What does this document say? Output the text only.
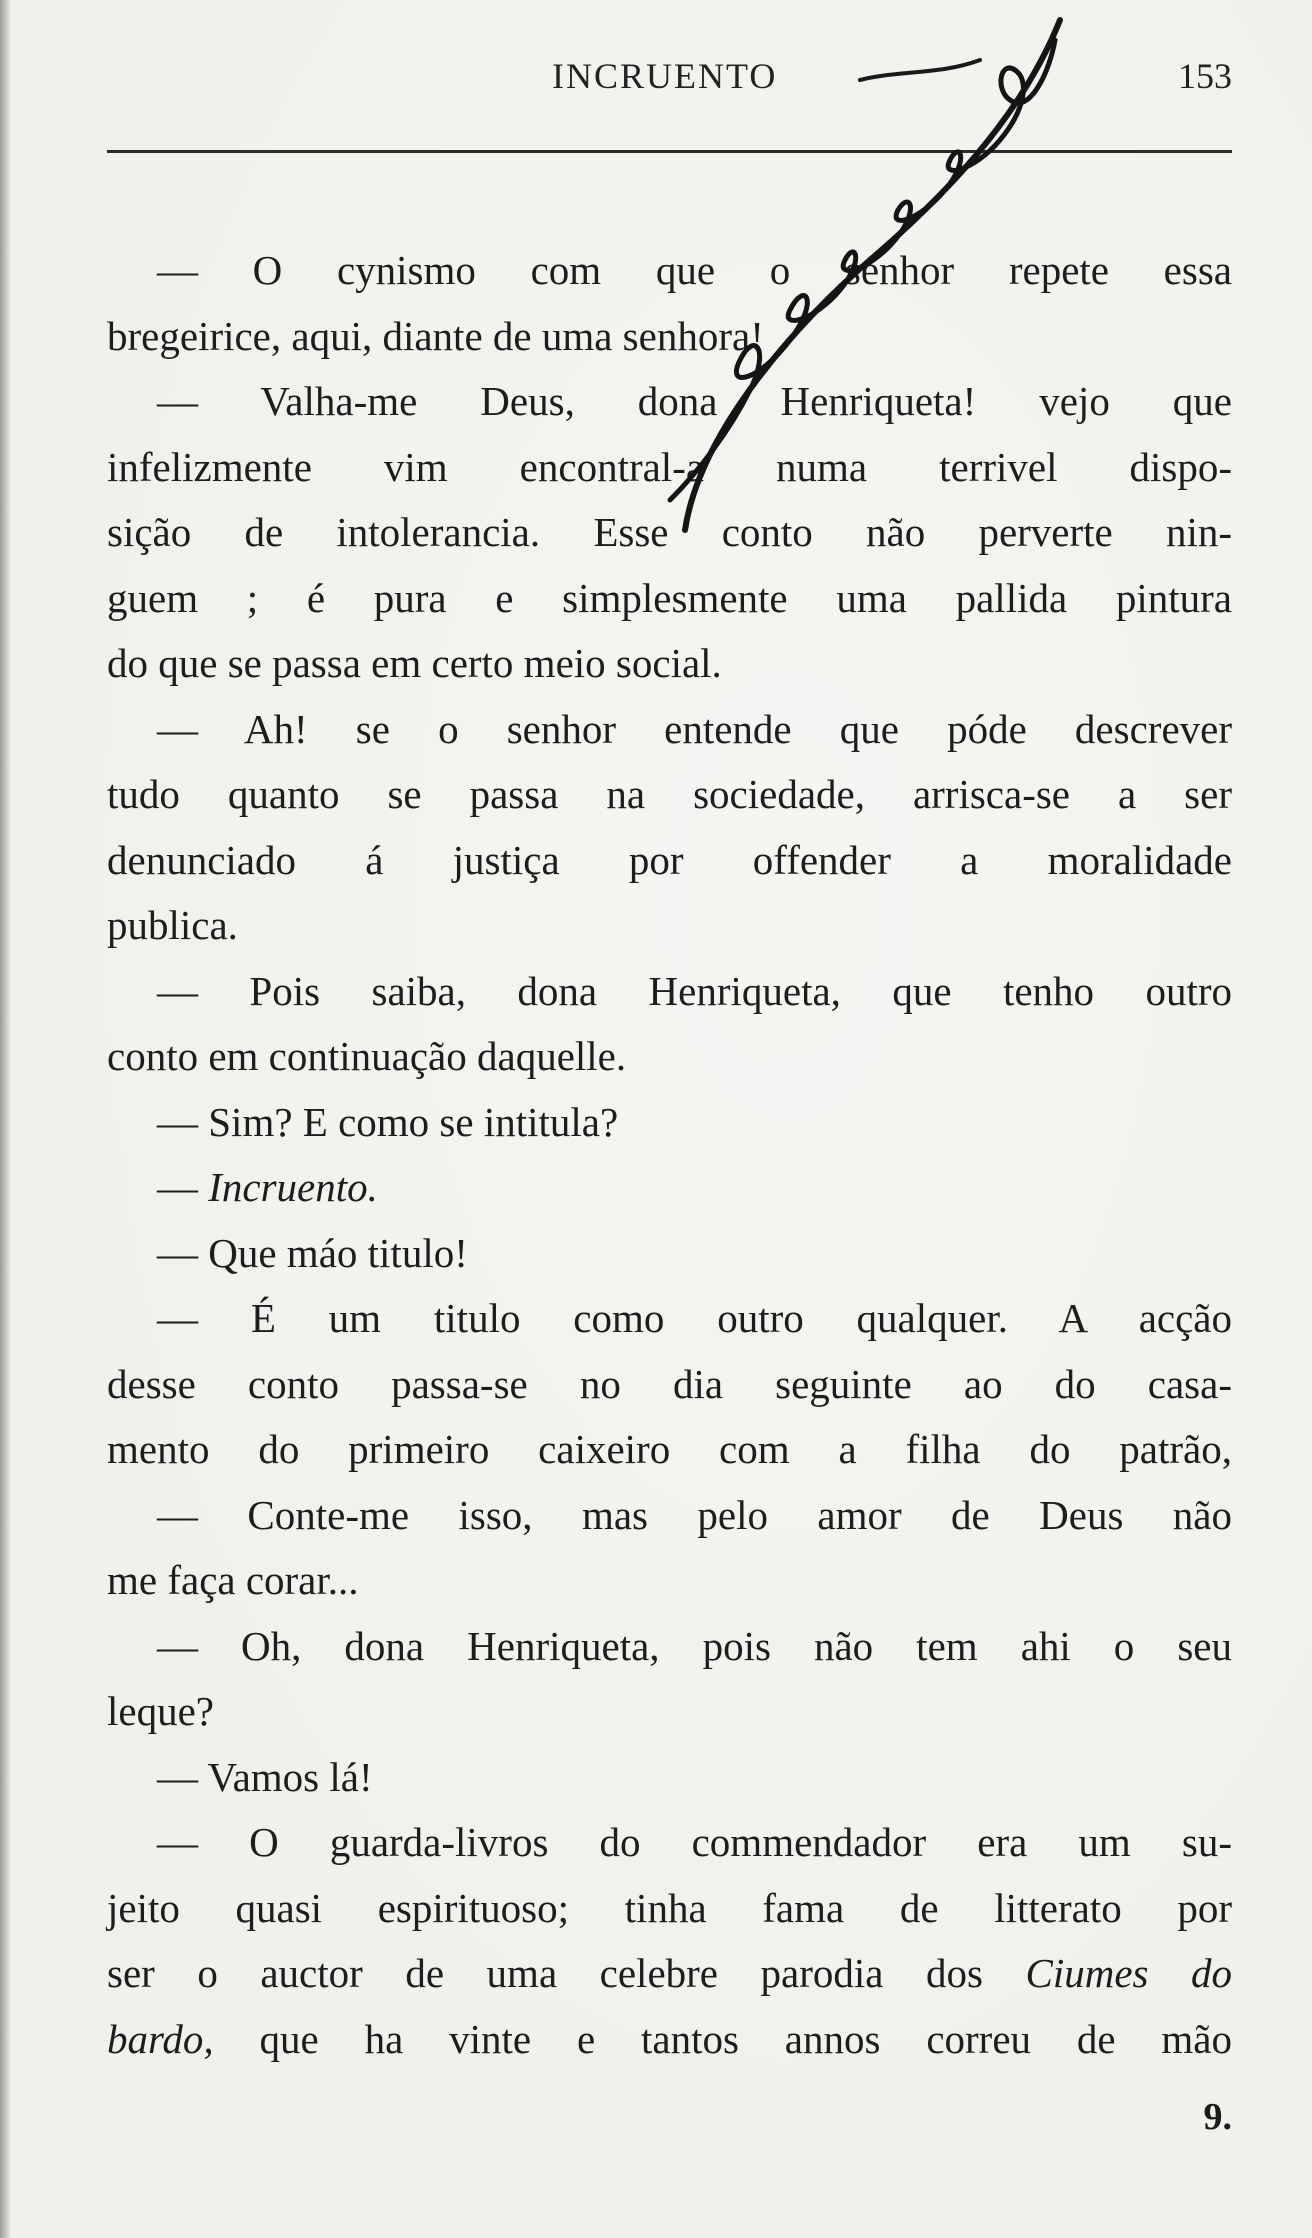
INCRUENTO	153
— O cynismo com que o senhor repete essa
bregeirice, aqui, diante de uma senhora!
— Valha-me Deus, dona Henriqueta! vejo que
infelizmente vim encontral-a numa terrivel dispo-
sição de intolerancia. Esse conto não perverte nin-
guem ; é pura e simplesmente uma pallida pintura
do que se passa em certo meio social.
— Ah! se o senhor entende que póde descrever
tudo quanto se passa na sociedade, arrisca-se a ser
denunciado á justiça por offender a moralidade
publica.
— Pois saiba, dona Henriqueta, que tenho outro
conto em continuação daquelle.
— Sim? E como se intitula?
— Incruento.
— Que máo titulo!
— É um titulo como outro qualquer. A acção
desse conto passa-se no dia seguinte ao do casa-
mento do primeiro caixeiro com a filha do patrão,
— Conte-me isso, mas pelo amor de Deus não
me faça corar...
— Oh, dona Henriqueta, pois não tem ahi o seu
leque?
— Vamos lá!
— O guarda-livros do commendador era um su-
jeito quasi espirituoso; tinha fama de litterato por
ser o auctor de uma celebre parodia dos Ciumes do
bardo, que ha vinte e tantos annos correu de mão
9.
